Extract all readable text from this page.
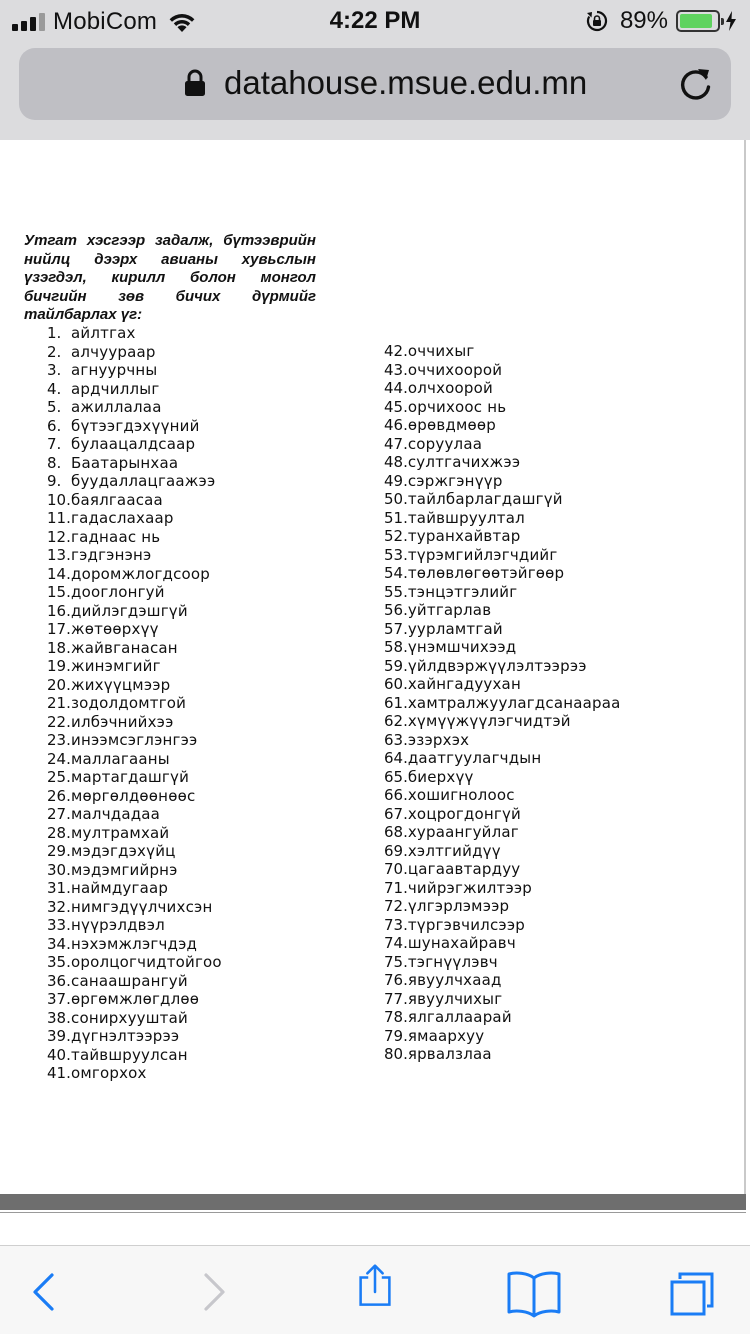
MobiCom	4:22 PM	89%
datahouse.msue.edu.mn

Утгат хэсгээр задалж, бүтээврийн нийлц дээрх авианы хувьслын үзэгдэл, кирилл болон монгол бичгийн зөв бичих дүрмийг тайлбарлах үг:

1. айлтгах
2. алчуураар
3. агнуурчны
4. ардчиллыг
5. ажиллалаа
6. бүтээгдэхүүний
7. булаацалдсаар
8. Баатарынхаа
9. буудаллацгаажээ
10.баялгаасаа
11.гадаслахаар
12.гаднаас нь
13.гэдгэнэнэ
14.доромжлогдсоор
15.дооглонгуй
16.дийлэгдэшгүй
17.жөтөөрхүү
18.жайвганасан
19.жинэмгийг
20.жихүүцмээр
21.зодолдомтгой
22.илбэчнийхээ
23.инээмсэглэнгээ
24.маллагааны
25.мартагдашгүй
26.мөргөлдөөнөөс
27.малчдадаа
28.мултрамхай
29.мэдэгдэхүйц
30.мэдэмгийрнэ
31.наймдугаар
32.нимгэдүүлчихсэн
33.нүүрэлдвэл
34.нэхэмжлэгчдэд
35.оролцогчидтойгоо
36.санаашрангуй
37.өргөмжлөгдлөө
38.сонирхууштай
39.дүгнэлтээрээ
40.тайвшруулсан
41.омгорхох
42.оччихыг
43.оччихоорой
44.олчхоорой
45.орчихоос нь
46.өрөвдмөөр
47.соруулаа
48.султгачихжээ
49.сэржгэнүүр
50.тайлбарлагдашгүй
51.тайвшруултал
52.туранхайвтар
53.түрэмгийлэгчдийг
54.төлөвлөгөөтэйгөөр
55.тэнцэтгэлийг
56.уйтгарлав
57.уурламтгай
58.үнэмшчихээд
59.үйлдвэржүүлэлтээрээ
60.хайнгадуухан
61.хамтралжуулагдсанаараа
62.хүмүүжүүлэгчидтэй
63.эзэрхэх
64.даатгуулагчдын
65.биерхүү
66.хошигнолоос
67.хоцрогдонгүй
68.хураангуйлаг
69.хэлтгийдүү
70.цагаавтардуу
71.чийрэгжилтээр
72.үлгэрлэмээр
73.түргэвчилсээр
74.шунахайравч
75.тэгнүүлэвч
76.явуулчхаад
77.явуулчихыг
78.ялгаллаарай
79.ямаархуу
80.ярвалзлаа
